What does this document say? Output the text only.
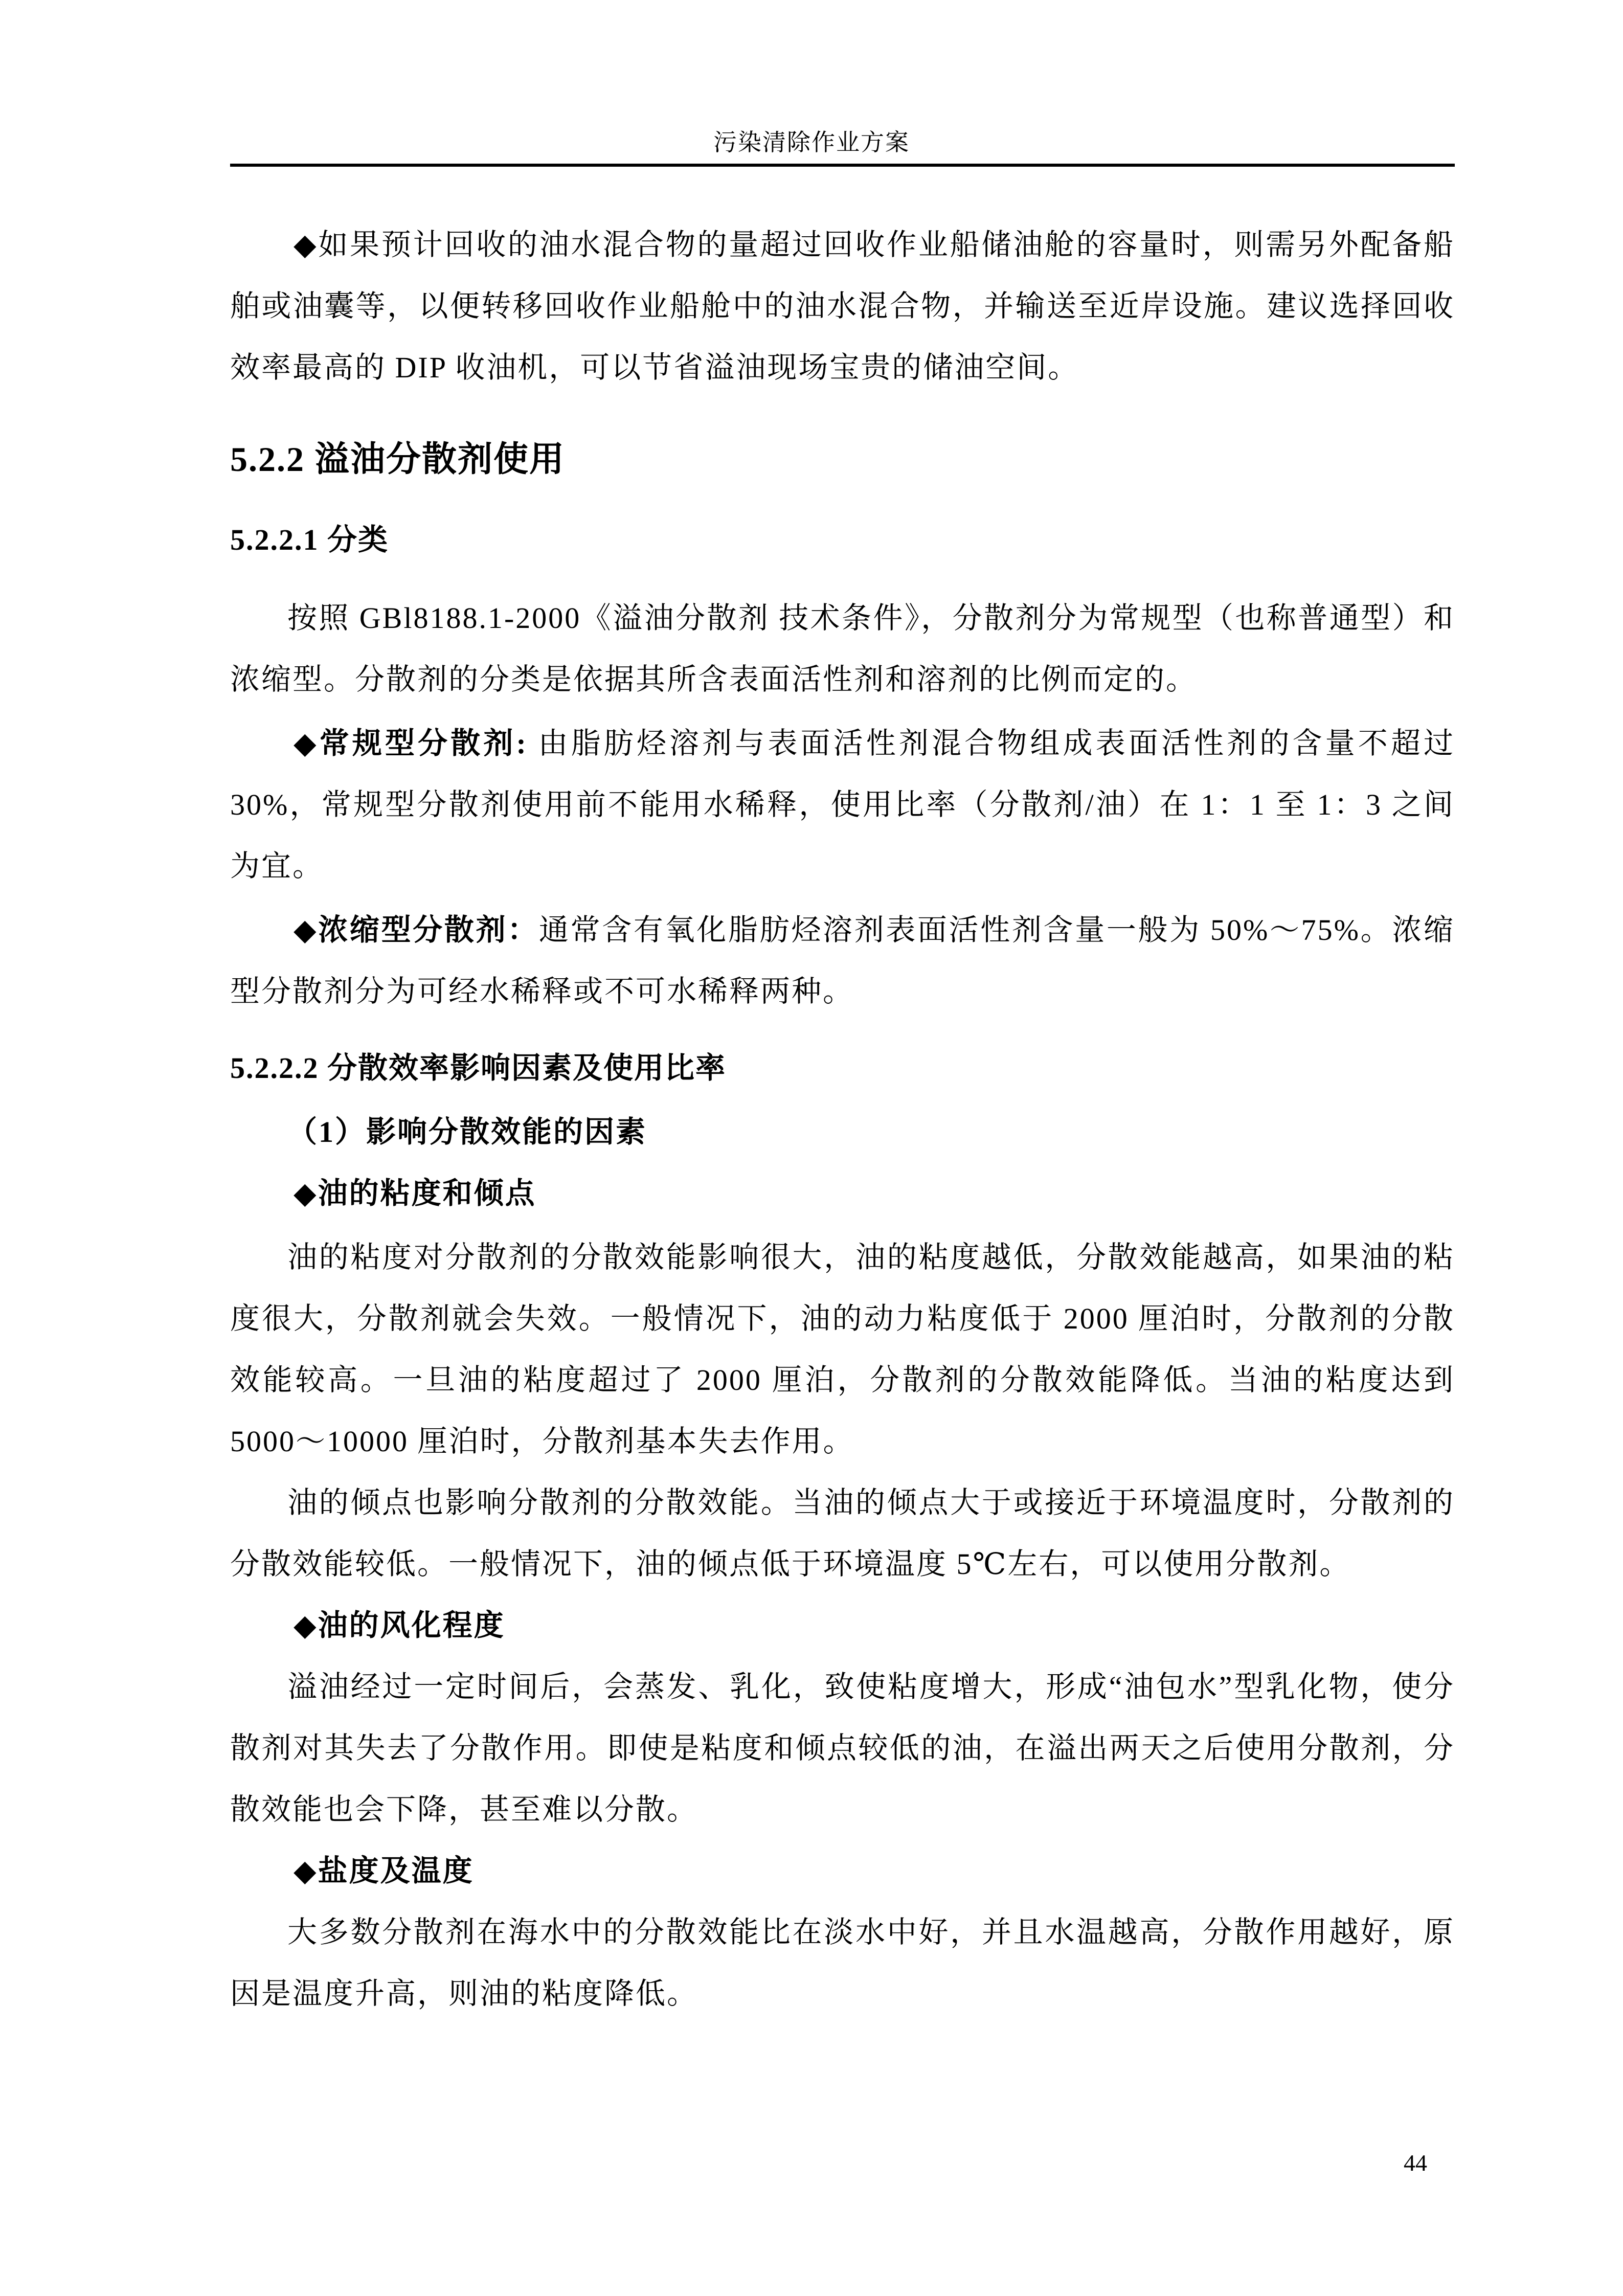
污染清除作业方案

◆如果预计回收的油水混合物的量超过回收作业船储油舱的容量时，则需另外配备船舶或油囊等，以便转移回收作业船舱中的油水混合物，并输送至近岸设施。建议选择回收效率最高的 DIP 收油机，可以节省溢油现场宝贵的储油空间。

5.2.2 溢油分散剂使用
5.2.2.1 分类

按照 GBl8188.1-2000《溢油分散剂 技术条件》，分散剂分为常规型（也称普通型）和浓缩型。分散剂的分类是依据其所含表面活性剂和溶剂的比例而定的。

◆常规型分散剂: 由脂肪烃溶剂与表面活性剂混合物组成表面活性剂的含量不超过 30%，常规型分散剂使用前不能用水稀释，使用比率（分散剂/油）在 1：1 至 1：3 之间为宜。

◆浓缩型分散剂：通常含有氧化脂肪烃溶剂表面活性剂含量一般为 50%～75%。浓缩型分散剂分为可经水稀释或不可水稀释两种。

5.2.2.2 分散效率影响因素及使用比率

（1）影响分散效能的因素

◆油的粘度和倾点

油的粘度对分散剂的分散效能影响很大，油的粘度越低，分散效能越高，如果油的粘度很大，分散剂就会失效。一般情况下，油的动力粘度低于 2000 厘泊时，分散剂的分散效能较高。一旦油的粘度超过了 2000 厘泊，分散剂的分散效能降低。当油的粘度达到 5000～10000 厘泊时，分散剂基本失去作用。

油的倾点也影响分散剂的分散效能。当油的倾点大于或接近于环境温度时，分散剂的分散效能较低。一般情况下，油的倾点低于环境温度 5℃左右，可以使用分散剂。

◆油的风化程度

溢油经过一定时间后，会蒸发、乳化，致使粘度增大，形成“油包水”型乳化物，使分散剂对其失去了分散作用。即使是粘度和倾点较低的油，在溢出两天之后使用分散剂，分散效能也会下降，甚至难以分散。

◆盐度及温度

大多数分散剂在海水中的分散效能比在淡水中好，并且水温越高，分散作用越好，原因是温度升高，则油的粘度降低。

44
